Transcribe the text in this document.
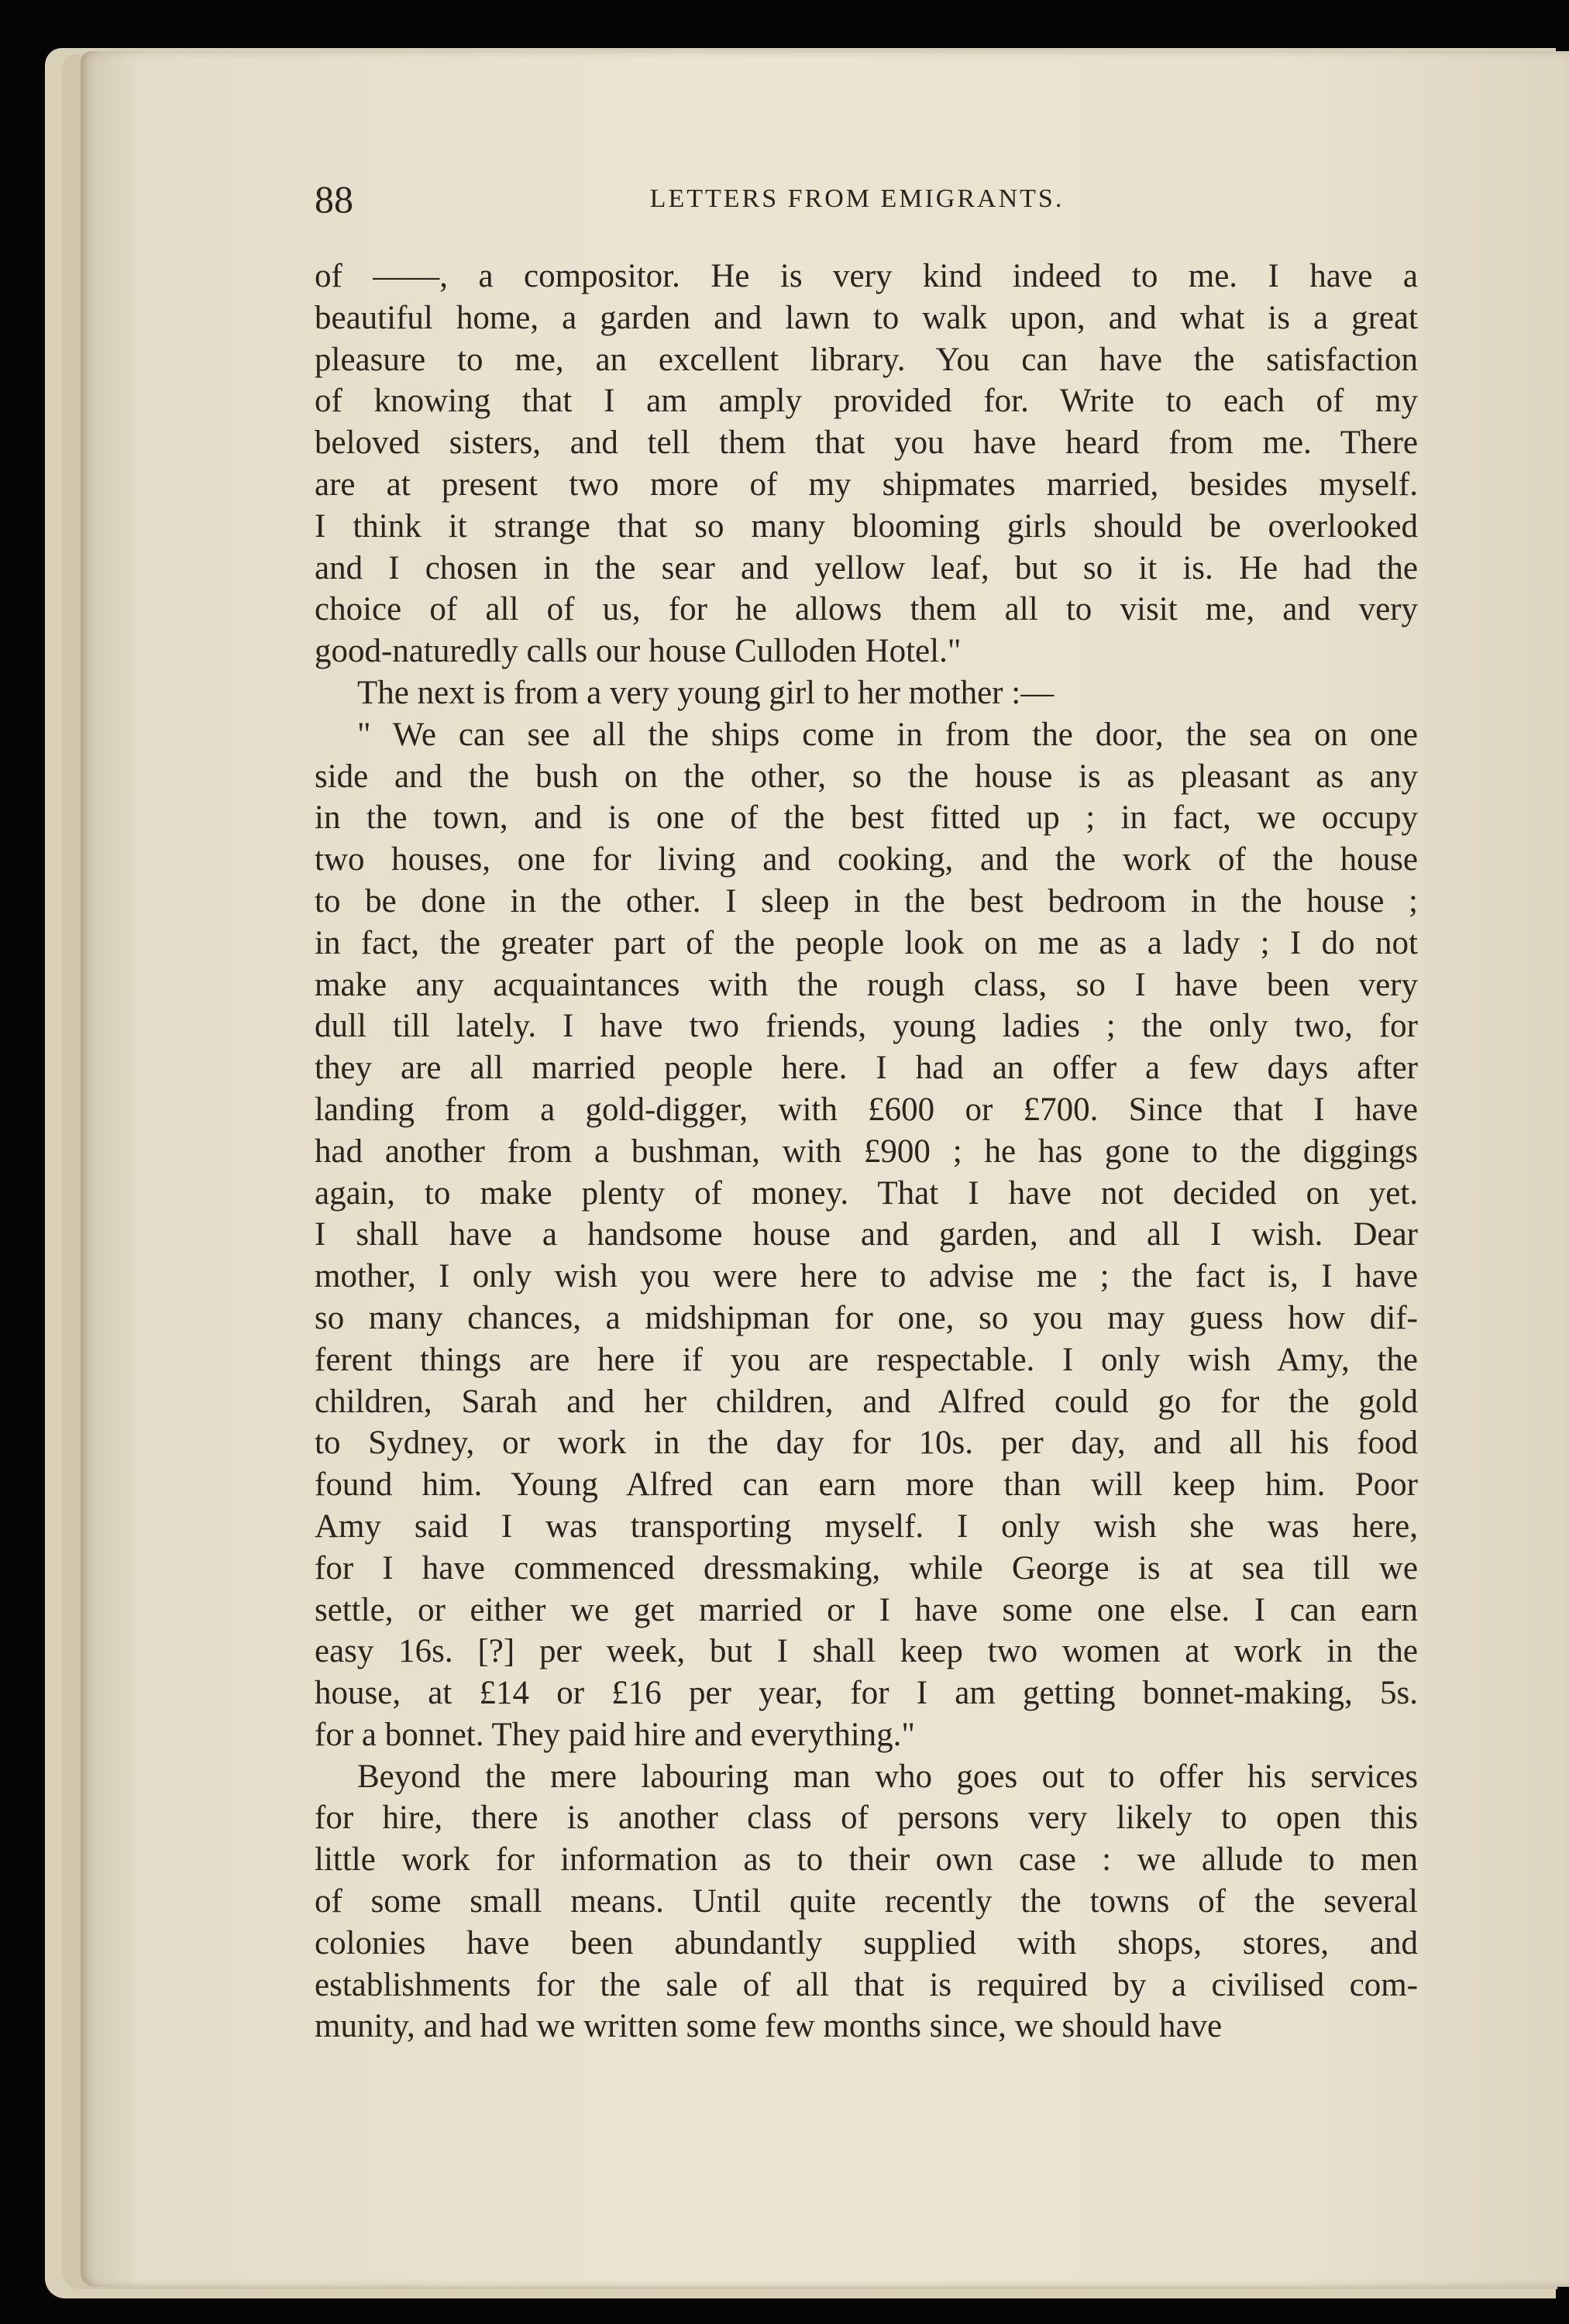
88	LETTERS FROM EMIGRANTS.
of ——, a compositor. He is very kind indeed to me. I have a
beautiful home, a garden and lawn to walk upon, and what is a great
pleasure to me, an excellent library. You can have the satisfaction
of knowing that I am amply provided for. Write to each of my
beloved sisters, and tell them that you have heard from me. There
are at present two more of my shipmates married, besides myself.
I think it strange that so many blooming girls should be overlooked
and I chosen in the sear and yellow leaf, but so it is. He had the
choice of all of us, for he allows them all to visit me, and very
good-naturedly calls our house Culloden Hotel."
The next is from a very young girl to her mother :—
" We can see all the ships come in from the door, the sea on one
side and the bush on the other, so the house is as pleasant as any
in the town, and is one of the best fitted up ; in fact, we occupy
two houses, one for living and cooking, and the work of the house
to be done in the other. I sleep in the best bedroom in the house ;
in fact, the greater part of the people look on me as a lady ; I do not
make any acquaintances with the rough class, so I have been very
dull till lately. I have two friends, young ladies ; the only two, for
they are all married people here. I had an offer a few days after
landing from a gold-digger, with £600 or £700. Since that I have
had another from a bushman, with £900 ; he has gone to the diggings
again, to make plenty of money. That I have not decided on yet.
I shall have a handsome house and garden, and all I wish. Dear
mother, I only wish you were here to advise me ; the fact is, I have
so many chances, a midshipman for one, so you may guess how dif-
ferent things are here if you are respectable. I only wish Amy, the
children, Sarah and her children, and Alfred could go for the gold
to Sydney, or work in the day for 10s. per day, and all his food
found him. Young Alfred can earn more than will keep him. Poor
Amy said I was transporting myself. I only wish she was here,
for I have commenced dressmaking, while George is at sea till we
settle, or either we get married or I have some one else. I can earn
easy 16s. [?] per week, but I shall keep two women at work in the
house, at £14 or £16 per year, for I am getting bonnet-making, 5s.
for a bonnet. They paid hire and everything."
Beyond the mere labouring man who goes out to offer his services
for hire, there is another class of persons very likely to open this
little work for information as to their own case : we allude to men
of some small means. Until quite recently the towns of the several
colonies have been abundantly supplied with shops, stores, and
establishments for the sale of all that is required by a civilised com-
munity, and had we written some few months since, we should have
